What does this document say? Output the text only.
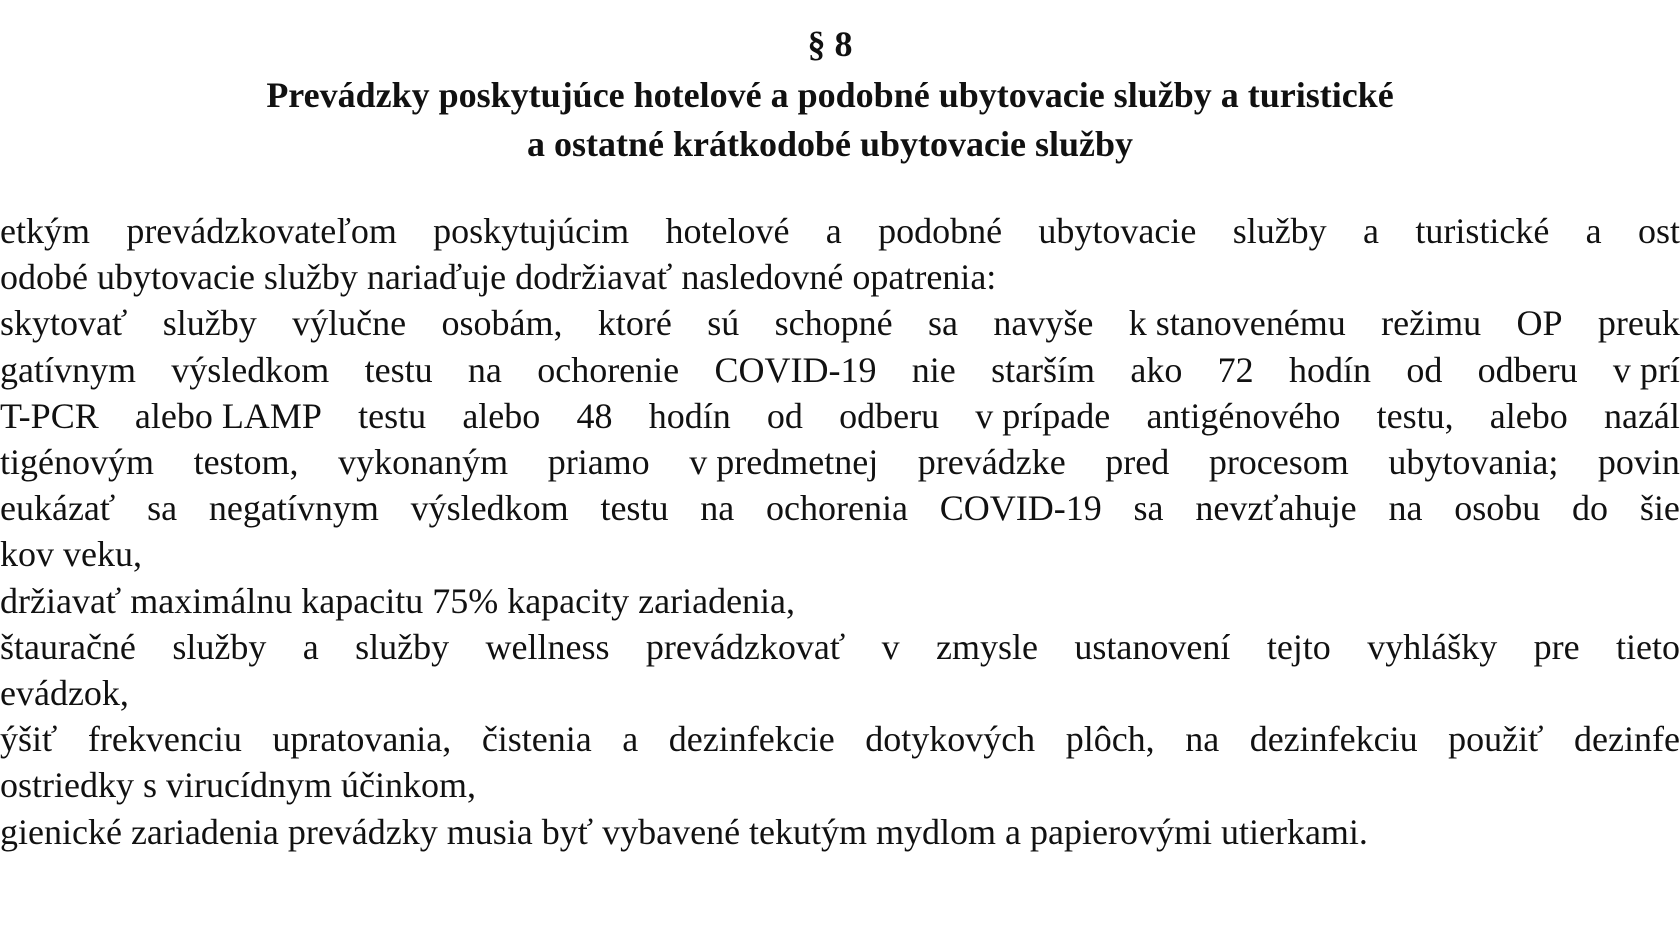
§ 8
Prevádzky poskytujúce hotelové a podobné ubytovacie služby a turistické
a ostatné krátkodobé ubytovacie služby
etkým prevádzkovateľom poskytujúcim hotelové a podobné ubytovacie služby a turistické a ost
odobé ubytovacie služby nariaďuje dodržiavať nasledovné opatrenia:
skytovať služby výlučne osobám, ktoré sú schopné sa navyše k stanovenému režimu OP preuk
gatívnym výsledkom testu na ochorenie COVID-19 nie starším ako 72 hodín od odberu v prí
T-PCR alebo LAMP testu alebo 48 hodín od odberu v prípade antigénového testu, alebo nazál
tigénovým testom, vykonaným priamo v predmetnej prevádzke pred procesom ubytovania; povin
eukázať sa negatívnym výsledkom testu na ochorenia COVID-19 sa nevzťahuje na osobu do šie
kov veku,
držiavať maximálnu kapacitu 75% kapacity zariadenia,
štauračné služby a služby wellness prevádzkovať v zmysle ustanovení tejto vyhlášky pre tieto
evádzok,
ýšiť frekvenciu upratovania, čistenia a dezinfekcie dotykových plôch, na dezinfekciu použiť dezinfe
ostriedky s virucídnym účinkom,
gienické zariadenia prevádzky musia byť vybavené tekutým mydlom a papierovými utierkami.
